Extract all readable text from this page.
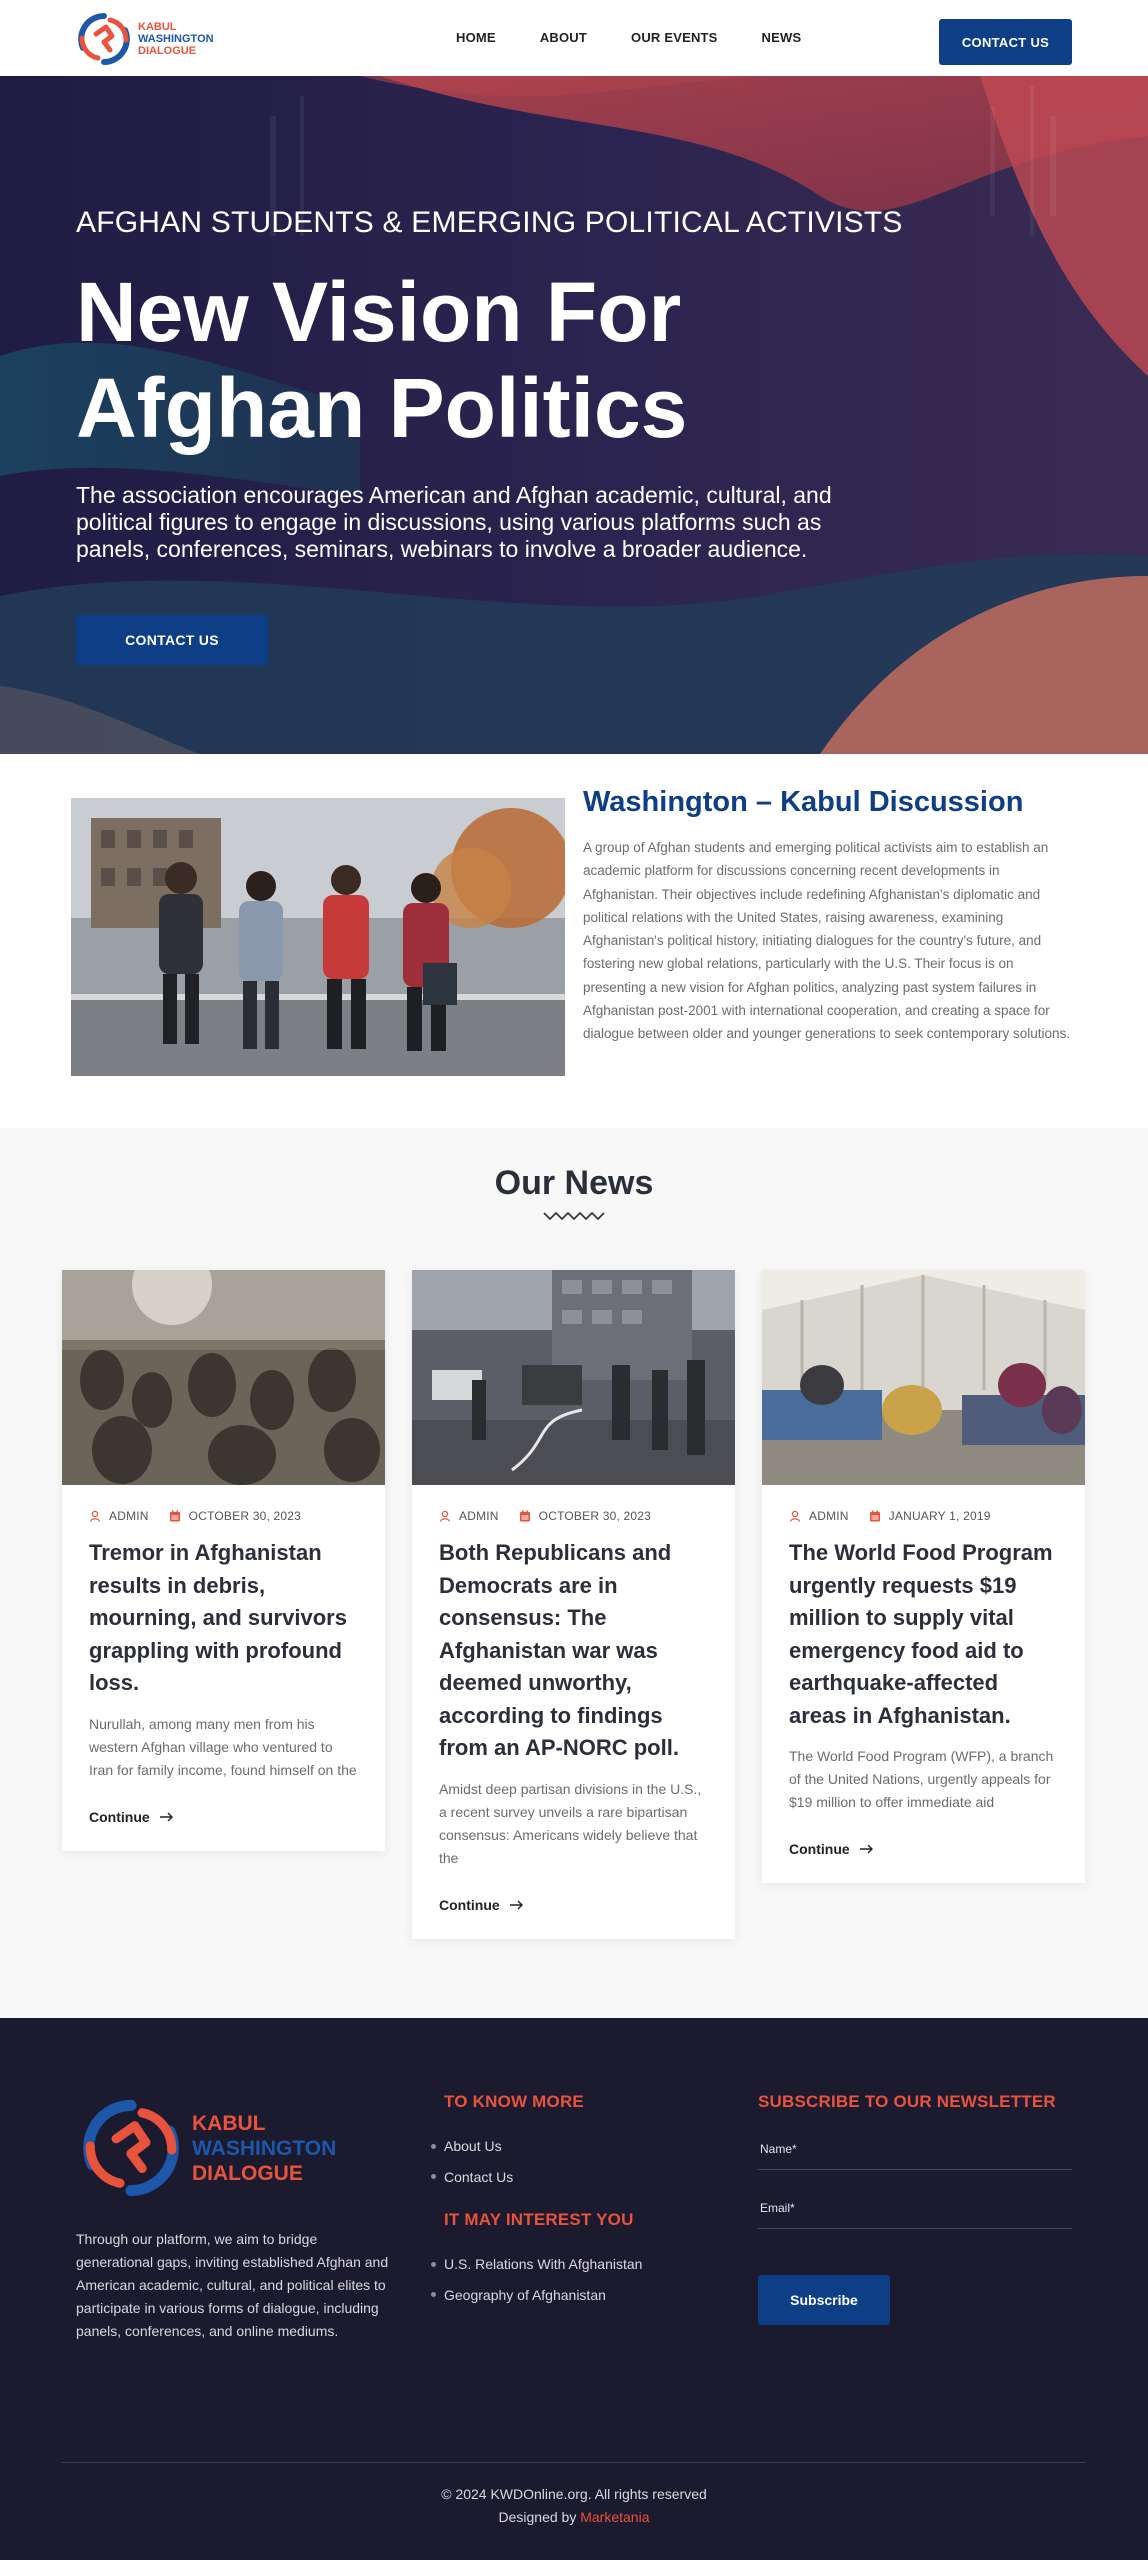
KABUL
WASHINGTON
DIALOGUE
HOME	ABOUT	OUR EVENTS	NEWS	CONTACT US
AFGHAN STUDENTS & EMERGING POLITICAL ACTIVISTS
New Vision For
Afghan Politics

The association encourages American and Afghan academic, cultural, and political figures to engage in discussions, using various platforms such as panels, conferences, seminars, webinars to involve a broader audience.

CONTACT US
Washington – Kabul Discussion

A group of Afghan students and emerging political activists aim to establish an academic platform for discussions concerning recent developments in Afghanistan. Their objectives include redefining Afghanistan's diplomatic and political relations with the United States, raising awareness, examining Afghanistan's political history, initiating dialogues for the country's future, and fostering new global relations, particularly with the U.S. Their focus is on presenting a new vision for Afghan politics, analyzing past system failures in Afghanistan post-2001 with international cooperation, and creating a space for dialogue between older and younger generations to seek contemporary solutions.

Our News
ADMIN	OCTOBER 30, 2023
Tremor in Afghanistan results in debris, mourning, and survivors grappling with profound loss.

Nurullah, among many men from his western Afghan village who ventured to Iran for family income, found himself on the

Continue
ADMIN	OCTOBER 30, 2023
Both Republicans and Democrats are in consensus: The Afghanistan war was deemed unworthy, according to findings from an AP-NORC poll.

Amidst deep partisan divisions in the U.S., a recent survey unveils a rare bipartisan consensus: Americans widely believe that the

Continue
ADMIN	JANUARY 1, 2019
The World Food Program urgently requests $19 million to supply vital emergency food aid to earthquake-affected areas in Afghanistan.

The World Food Program (WFP), a branch of the United Nations, urgently appeals for $19 million to offer immediate aid

Continue
KABUL
WASHINGTON
DIALOGUE

Through our platform, we aim to bridge generational gaps, inviting established Afghan and American academic, cultural, and political elites to participate in various forms of dialogue, including panels, conferences, and online mediums.

TO KNOW MORE
About Us
Contact Us
IT MAY INTEREST YOU
U.S. Relations With Afghanistan
Geography of Afghanistan
SUBSCRIBE TO OUR NEWSLETTER
Name*
Email*
Subscribe
© 2024 KWDOnline.org. All rights reserved
Designed by Marketania
